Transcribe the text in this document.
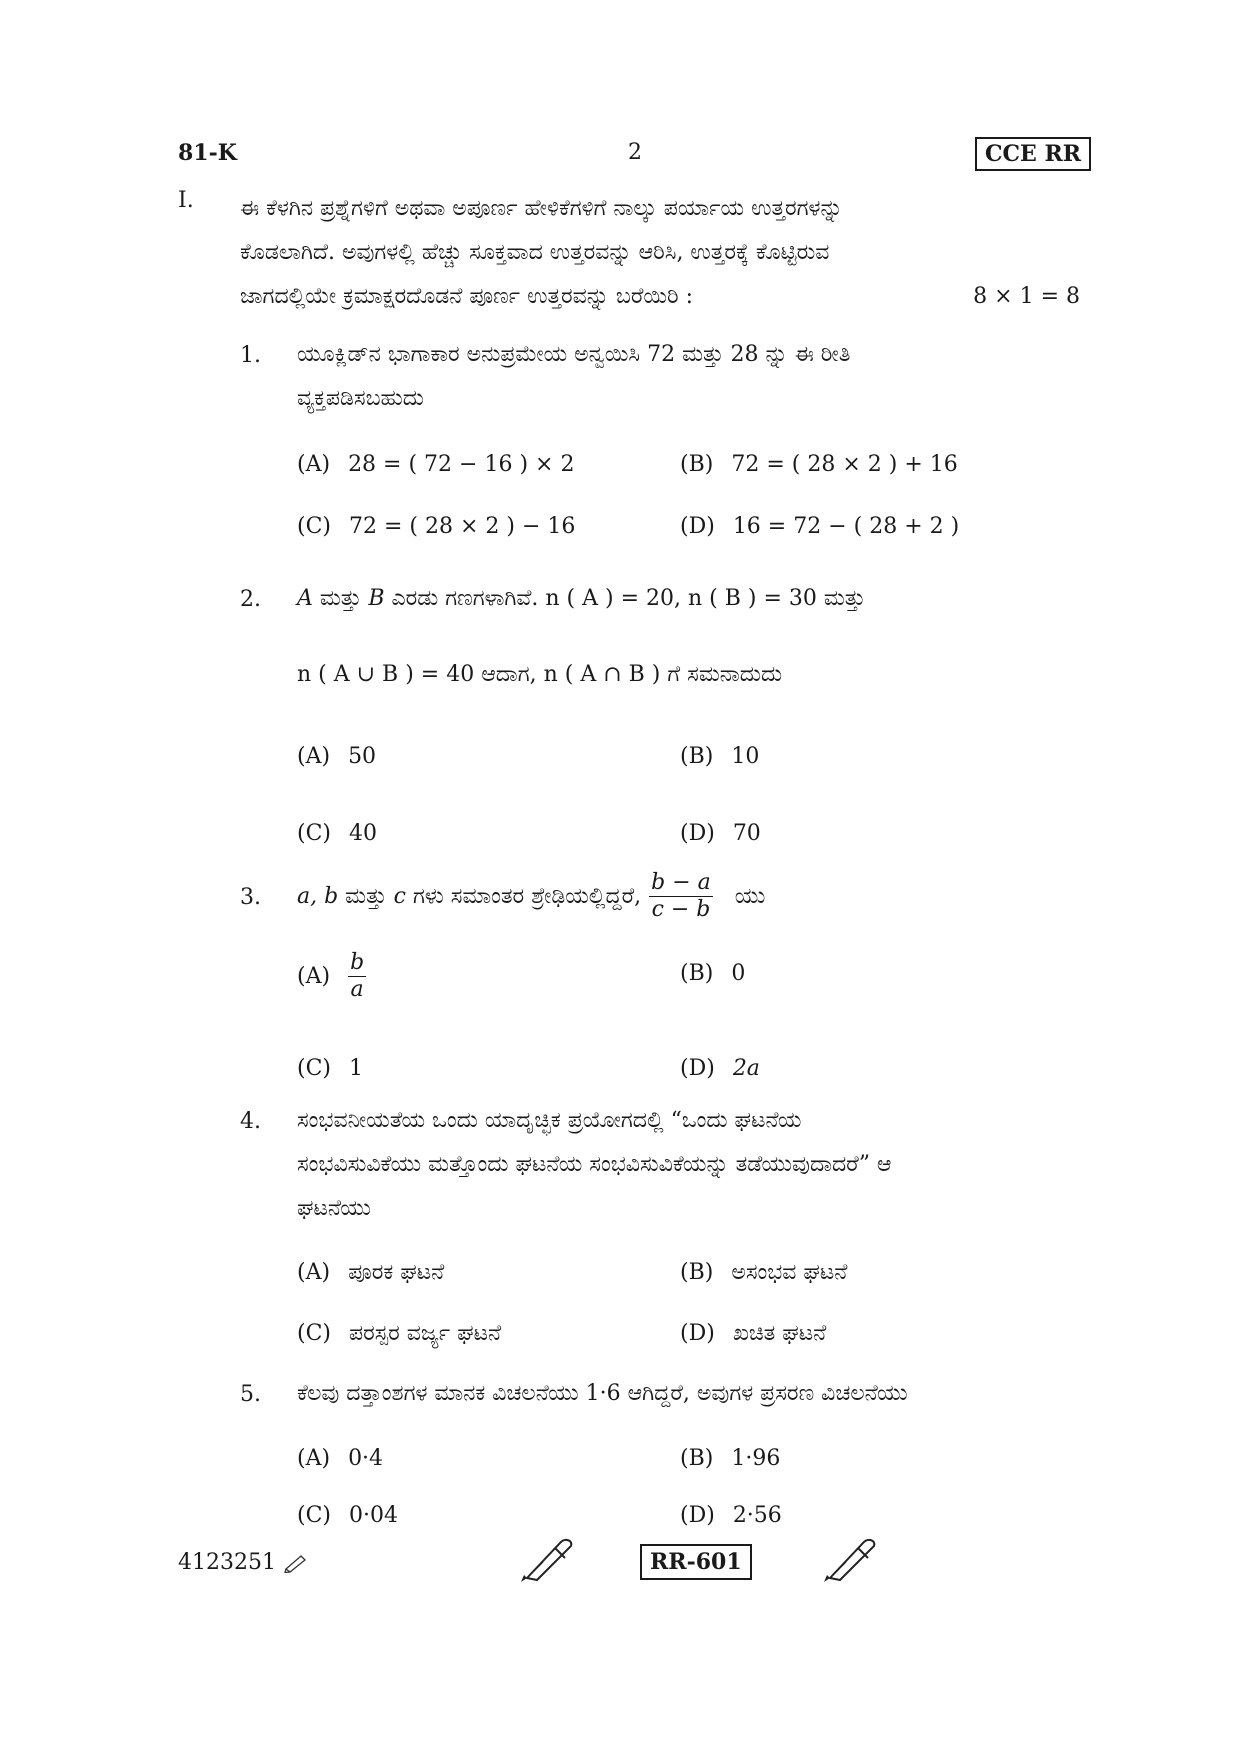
81-K	2	CCE RR
I. ಈ ಕೆಳಗಿನ ಪ್ರಶ್ನೆಗಳಿಗೆ ಅಥವಾ ಅಪೂರ್ಣ ಹೇಳಿಕೆಗಳಿಗೆ ನಾಲ್ಕು ಪರ್ಯಾಯ ಉತ್ತರಗಳನ್ನು
ಕೊಡಲಾಗಿದೆ. ಅವುಗಳಲ್ಲಿ ಹೆಚ್ಚು ಸೂಕ್ತವಾದ ಉತ್ತರವನ್ನು ಆರಿಸಿ, ಉತ್ತರಕ್ಕೆ ಕೊಟ್ಟಿರುವ
ಜಾಗದಲ್ಲಿಯೇ ಕ್ರಮಾಕ್ಷರದೊಡನೆ ಪೂರ್ಣ ಉತ್ತರವನ್ನು ಬರೆಯಿರಿ :	8 × 1 = 8
1. ಯೂಕ್ಲಿಡ್‌ನ ಭಾಗಾಕಾರ ಅನುಪ್ರಮೇಯ ಅನ್ವಯಿಸಿ 72 ಮತ್ತು 28 ನ್ನು ಈ ರೀತಿ
ವ್ಯಕ್ತಪಡಿಸಬಹುದು
(A) 28 = ( 72 − 16 ) × 2	(B) 72 = ( 28 × 2 ) + 16
(C) 72 = ( 28 × 2 ) − 16	(D) 16 = 72 − ( 28 + 2 )
2. A ಮತ್ತು B ಎರಡು ಗಣಗಳಾಗಿವೆ. n ( A ) = 20, n ( B ) = 30 ಮತ್ತು
n ( A ∪ B ) = 40 ಆದಾಗ, n ( A ∩ B ) ಗೆ ಸಮನಾದುದು
(A) 50	(B) 10
(C) 40	(D) 70
3. a, b ಮತ್ತು c ಗಳು ಸಮಾಂತರ ಶ್ರೇಢಿಯಲ್ಲಿದ್ದರೆ, $\frac{b - a}{c - b}$ ಯು
$(A) \frac{b}{a}$	(B) 0
(C) 1	(D) 2a
4. ಸಂಭವನೀಯತೆಯ ಒಂದು ಯಾದೃಚ್ಛಿಕ ಪ್ರಯೋಗದಲ್ಲಿ “ಒಂದು ಘಟನೆಯ
ಸಂಭವಿಸುವಿಕೆಯು ಮತ್ತೊಂದು ಘಟನೆಯ ಸಂಭವಿಸುವಿಕೆಯನ್ನು ತಡೆಯುವುದಾದರೆ” ಆ
ಘಟನೆಯು
(A) ಪೂರಕ ಘಟನೆ	(B) ಅಸಂಭವ ಘಟನೆ
(C) ಪರಸ್ಪರ ವರ್ಜ್ಯ ಘಟನೆ	(D) ಖಚಿತ ಘಟನೆ
5. ಕೆಲವು ದತ್ತಾಂಶಗಳ ಮಾನಕ ವಿಚಲನೆಯು 1·6 ಆಗಿದ್ದರೆ, ಅವುಗಳ ಪ್ರಸರಣ ವಿಚಲನೆಯು
(A) 0·4	(B) 1·96
(C) 0·04	(D) 2·56
4123251	RR-601
